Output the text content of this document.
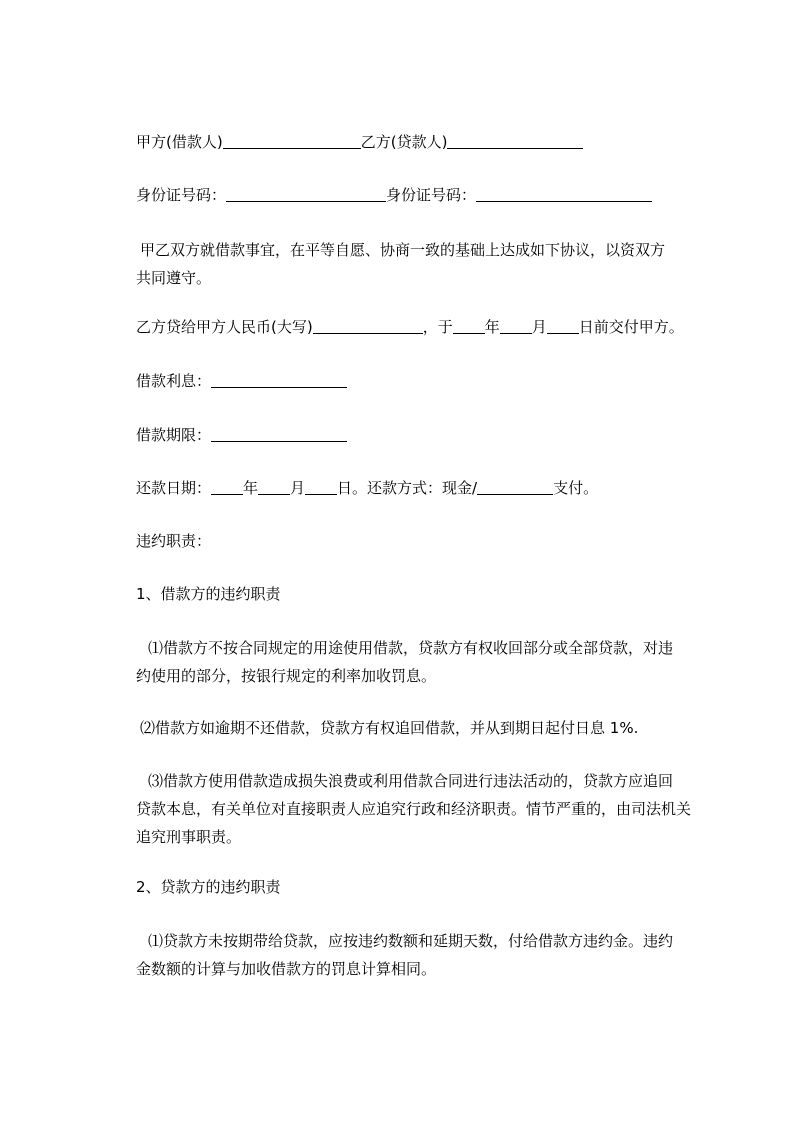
甲方(借款人)	乙方(贷款人)
身份证号码：	身份证号码：
甲乙双方就借款事宜，在平等自愿、协商一致的基础上达成如下协议，以资双方
共同遵守。
乙方贷给甲方人民币(大写)	，于 年 月 日前交付甲方。
借款利息：
借款期限：
还款日期： 年 月 日。还款方式：现金/	支付。
违约职责：
1、借款方的违约职责
⑴借款方不按合同规定的用途使用借款，贷款方有权收回部分或全部贷款，对违
约使用的部分，按银行规定的利率加收罚息。
⑵借款方如逾期不还借款，贷款方有权追回借款，并从到期日起付日息 1%.
⑶借款方使用借款造成损失浪费或利用借款合同进行违法活动的，贷款方应追回
贷款本息，有关单位对直接职责人应追究行政和经济职责。情节严重的，由司法机关
追究刑事职责。
2、贷款方的违约职责
⑴贷款方未按期带给贷款，应按违约数额和延期天数，付给借款方违约金。违约
金数额的计算与加收借款方的罚息计算相同。
